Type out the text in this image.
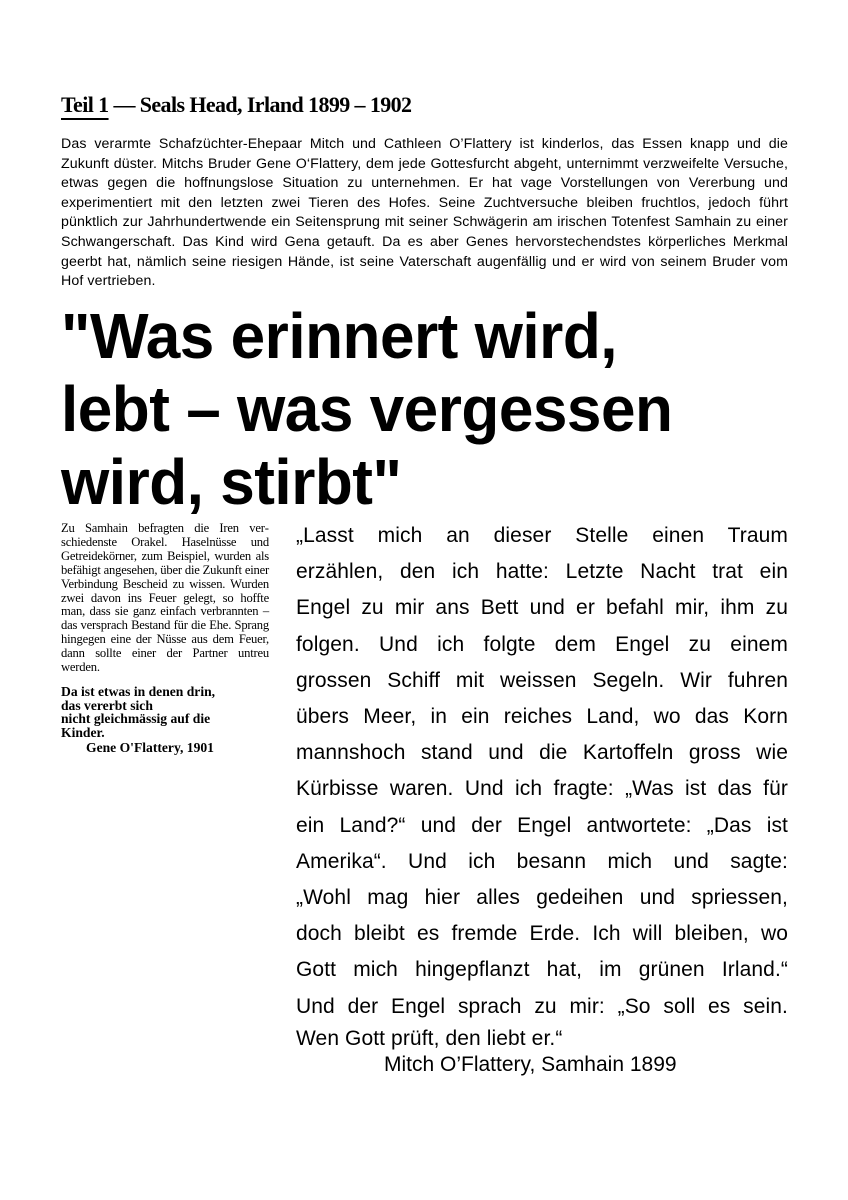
Teil 1 — Seals Head, Irland 1899 – 1902

Das verarmte Schafzüchter-Ehepaar Mitch und Cathleen O’Flattery ist kinderlos, das Essen knapp und die Zukunft düster. Mitchs Bruder Gene O‘Flattery, dem jede Gottesfurcht abgeht, unternimmt verzweifelte Versuche, etwas gegen die hoffnungslose Situation zu unternehmen. Er hat vage Vorstellungen von Vererbung und experimentiert mit den letzten zwei Tieren des Hofes. Seine Zuchtversuche bleiben fruchtlos, jedoch führt pünktlich zur Jahrhundertwende ein Seitensprung mit seiner Schwägerin am irischen Totenfest Samhain zu einer Schwangerschaft. Das Kind wird Gena getauft. Da es aber Genes hervorstechendstes körperliches Merkmal geerbt hat, nämlich seine riesigen Hände, ist seine Vaterschaft augenfällig und er wird von seinem Bruder vom Hof vertrieben.

"Was erinnert wird,
lebt – was vergessen
wird, stirbt"

Zu Samhain befragten die Iren verschiedenste Orakel. Haselnüsse und Getreidekörner, zum Beispiel, wurden als befähigt angesehen, über die Zukunft einer Verbindung Bescheid zu wissen. Wurden zwei davon ins Feuer gelegt, so hoffte man, dass sie ganz einfach verbrannten – das versprach Bestand für die Ehe. Sprang hingegen eine der Nüsse aus dem Feuer, dann sollte einer der Partner untreu werden.

Da ist etwas in denen drin,
das vererbt sich
nicht gleichmässig auf die
Kinder.
Gene O'Flattery, 1901

„Lasst mich an dieser Stelle einen Traum
erzählen, den ich hatte: Letzte Nacht trat ein
Engel zu mir ans Bett und er befahl mir, ihm zu
folgen. Und ich folgte dem Engel zu einem
grossen Schiff mit weissen Segeln. Wir fuhren
übers Meer, in ein reiches Land, wo das Korn
mannshoch stand und die Kartoffeln gross wie
Kürbisse waren. Und ich fragte: „Was ist das für
ein Land?“ und der Engel antwortete: „Das ist
Amerika“. Und ich besann mich und sagte:
„Wohl mag hier alles gedeihen und spriessen,
doch bleibt es fremde Erde. Ich will bleiben, wo
Gott mich hingepflanzt hat, im grünen Irland.“
Und der Engel sprach zu mir: „So soll es sein.
Wen Gott prüft, den liebt er.“

Mitch O’Flattery, Samhain 1899
